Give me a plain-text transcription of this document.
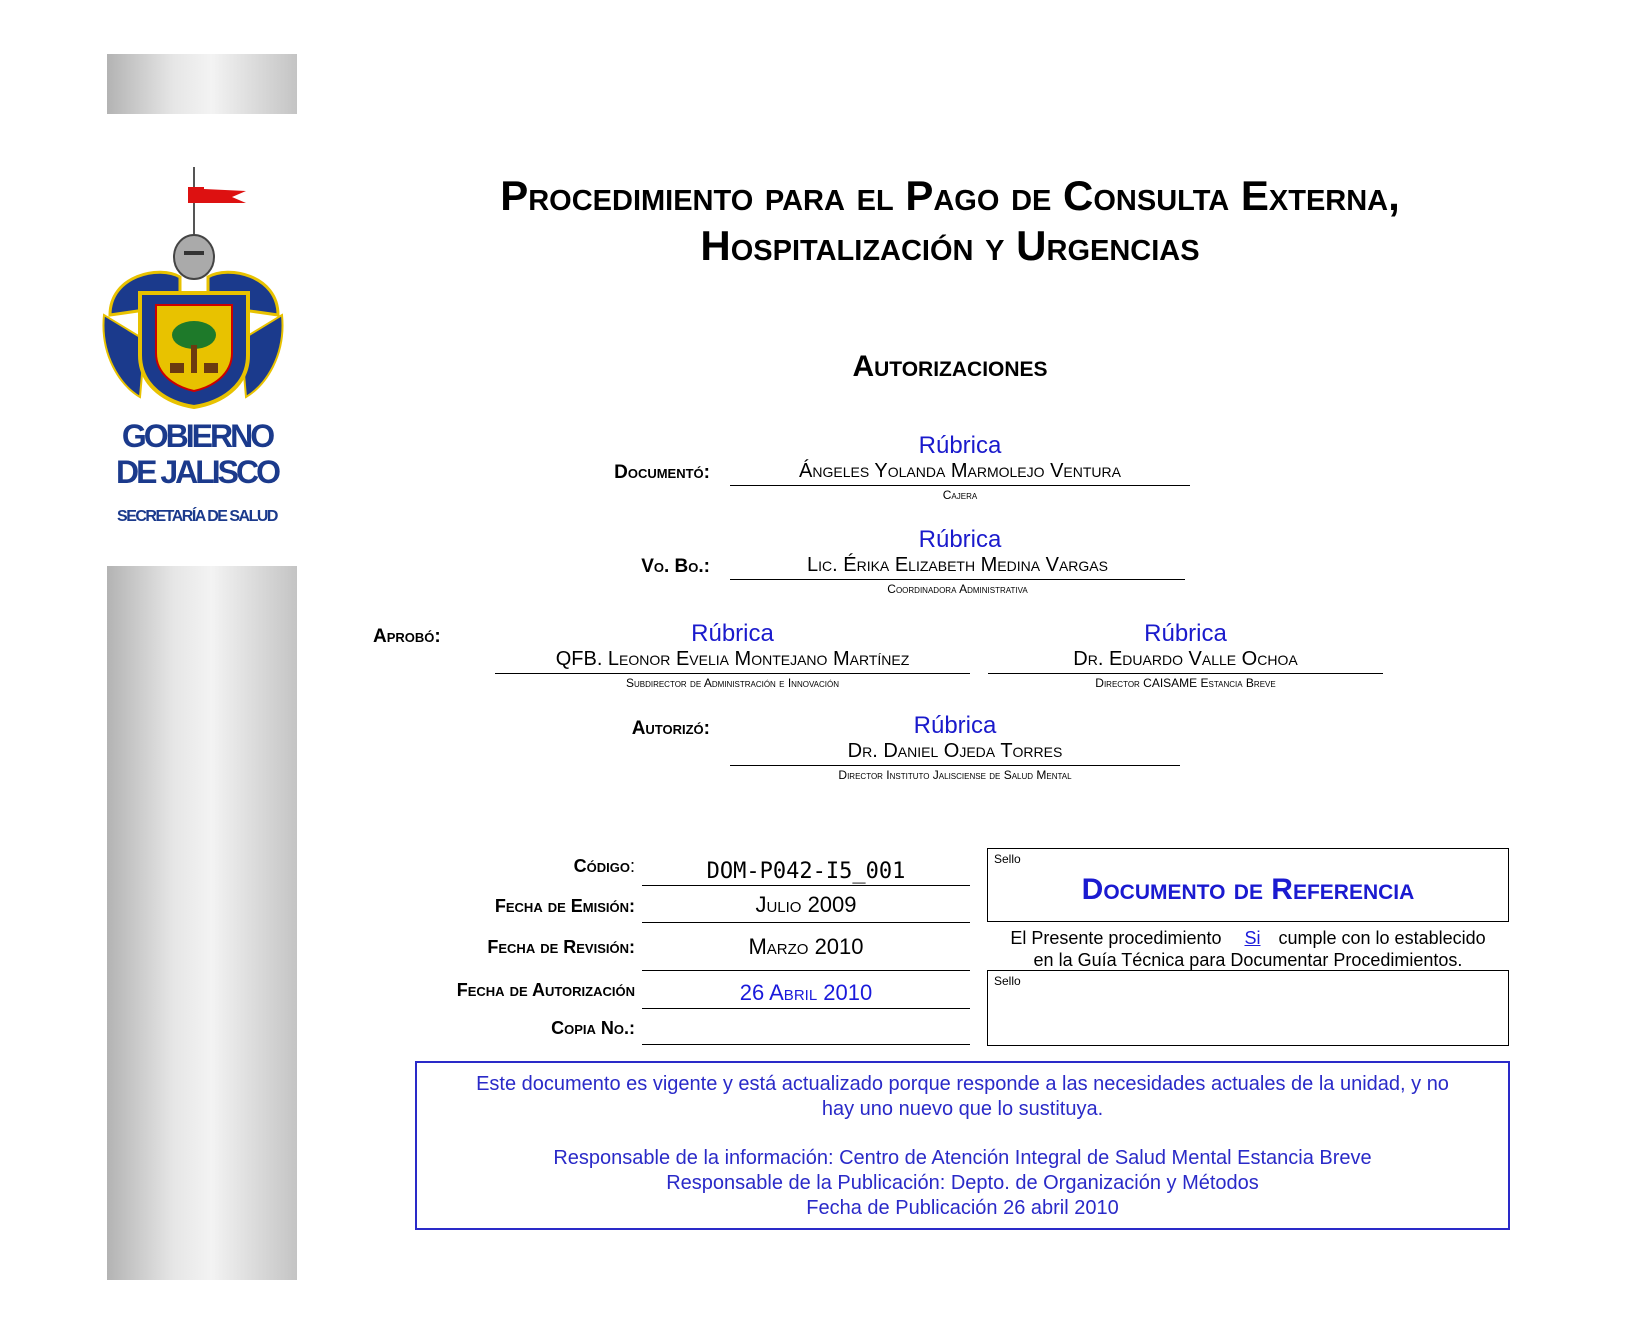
GOBIERNO
DE JALISCO
SECRETARÍA DE SALUD
Procedimiento para el Pago de Consulta Externa,
Hospitalización y Urgencias
Autorizaciones
Rúbrica
Documentó:	Ángeles Yolanda Marmolejo Ventura
Cajera
Rúbrica
Vo. Bo.:	Lic. Érika Elizabeth Medina Vargas
Coordinadora Administrativa
Aprobó:	Rúbrica
QFB. Leonor Evelia Montejano Martínez
Subdirector de Administración e Innovación
Rúbrica
Dr. Eduardo Valle Ochoa
Director CAISAME Estancia Breve
Autorizó:	Rúbrica
Dr. Daniel Ojeda Torres
Director Instituto Jalisciense de Salud Mental
Código:	DOM-P042-I5_001
Fecha de Emisión:	Julio 2009
Fecha de Revisión:	Marzo 2010
Fecha de Autorización	26 Abril 2010
Copia No.:
Sello
Documento de Referencia
El Presente procedimiento Si cumple con lo establecido
en la Guía Técnica para Documentar Procedimientos.
Sello
Este documento es vigente y está actualizado porque responde a las necesidades actuales de la unidad, y no
hay uno nuevo que lo sustituya.
Responsable de la información: Centro de Atención Integral de Salud Mental Estancia Breve
Responsable de la Publicación: Depto. de Organización y Métodos
Fecha de Publicación 26 abril 2010
